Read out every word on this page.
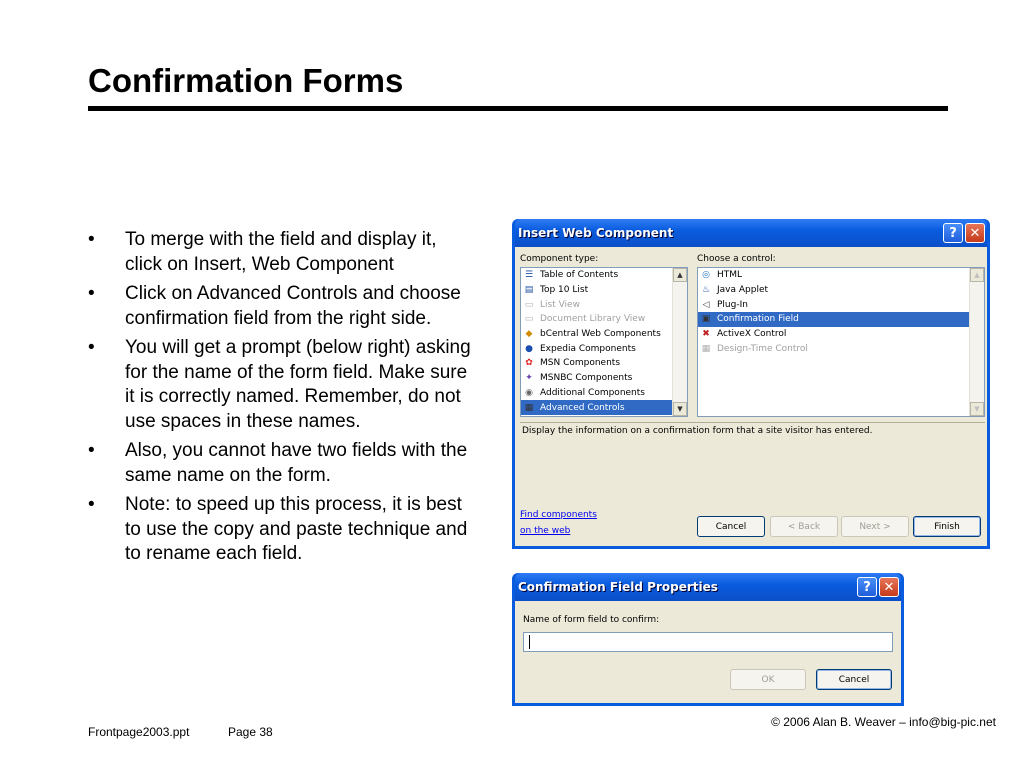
Confirmation Forms
• To merge with the field and display it, click on Insert, Web Component
• Click on Advanced Controls and choose confirmation field from the right side.
• You will get a prompt (below right) asking for the name of the form field. Make sure it is correctly named. Remember, do not use spaces in these names.
• Also, you cannot have two fields with the same name on the form.
• Note: to speed up this process, it is best to use the copy and paste technique and to rename each field.
Insert Web Component	? ✕
Component type:	Choose a control:
☰ Table of Contents
▤ Top 10 List
▭ List View
▭ Document Library View
◆ bCentral Web Components
● Expedia Components
✿ MSN Components
✦ MSNBC Components
◉ Additional Components
▦ Advanced Controls
▲
▼
◎ HTML
♨ Java Applet
◁ Plug-In
▣ Confirmation Field
✖ ActiveX Control
▦ Design-Time Control
▲
▼
Display the information on a confirmation form that a site visitor has entered.
Find components
on the web	Cancel	< Back	Next >	Finish
Confirmation Field Properties	? ✕
Name of form field to confirm:
OK	Cancel
Frontpage2003.ppt	Page 38
© 2006 Alan B. Weaver – info@big-pic.net
